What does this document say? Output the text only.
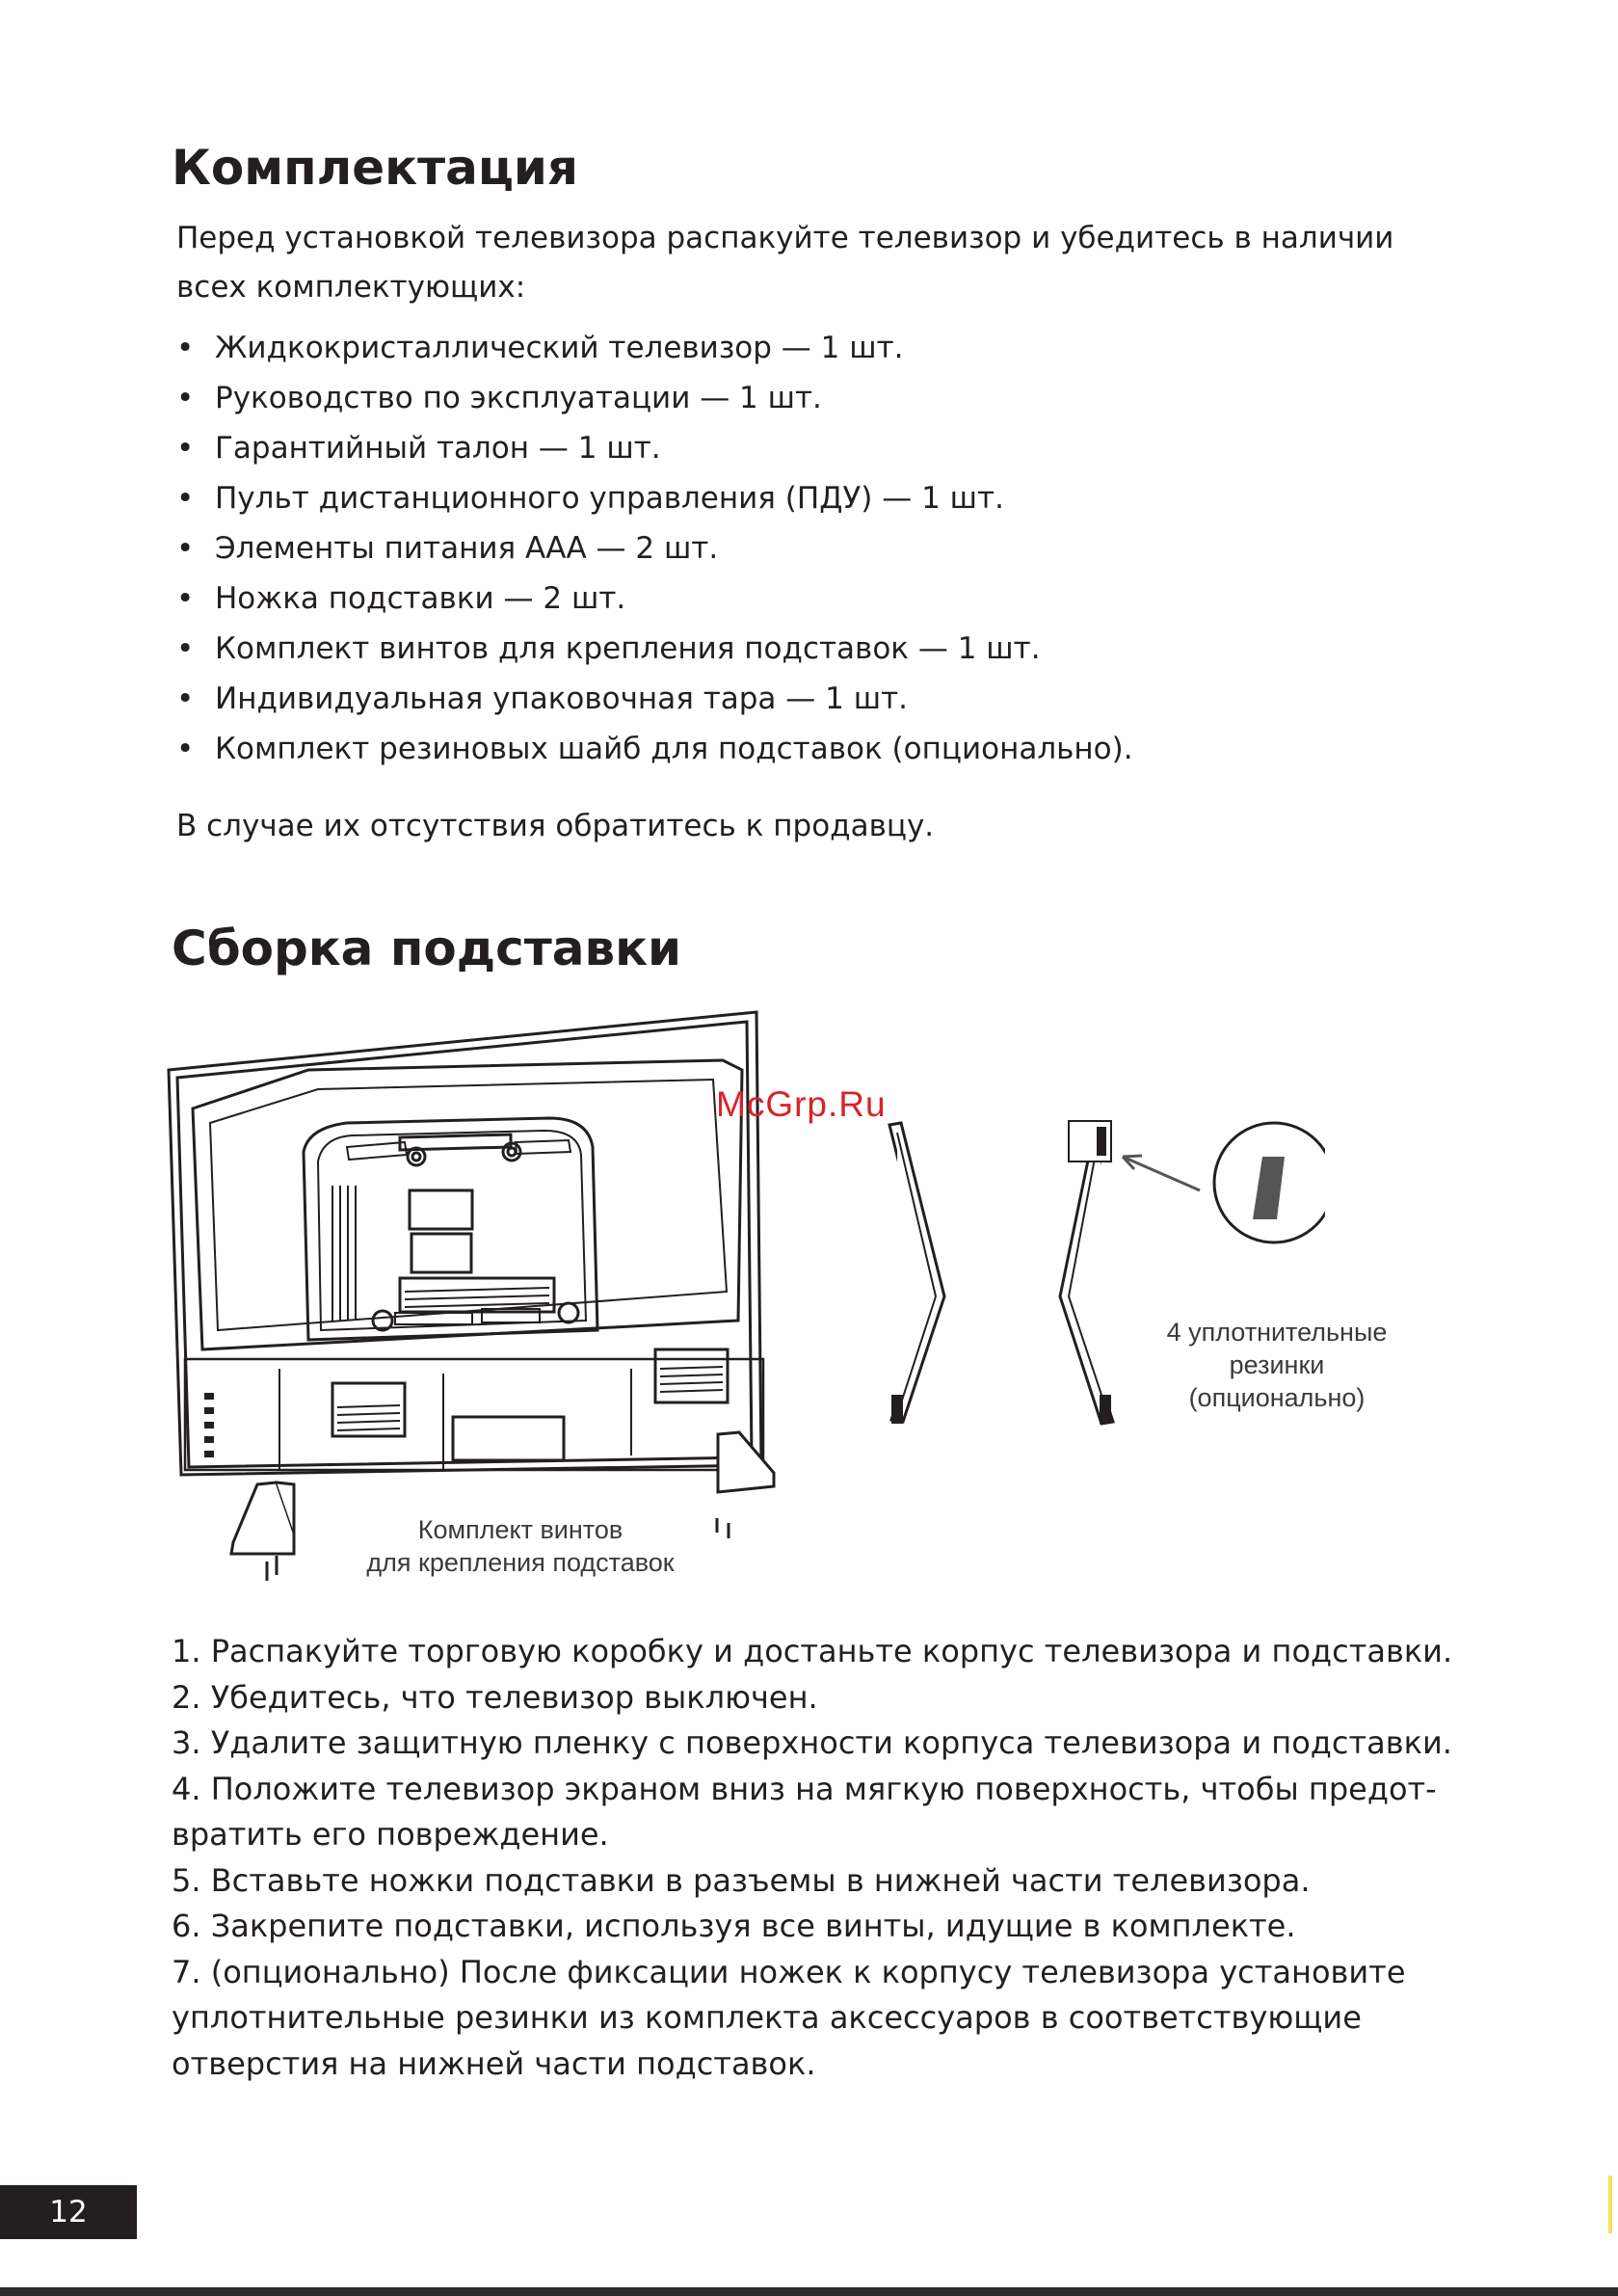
Комплектация

Перед установкой телевизора распакуйте телевизор и убедитесь в наличии
всех комплектующих:

• Жидкокристаллический телевизор — 1 шт.
• Руководство по эксплуатации — 1 шт.
• Гарантийный талон — 1 шт.
• Пульт дистанционного управления (ПДУ) — 1 шт.
• Элементы питания ААА — 2 шт.
• Ножка подставки — 2 шт.
• Комплект винтов для крепления подставок — 1 шт.
• Индивидуальная упаковочная тара — 1 шт.
• Комплект резиновых шайб для подставок (опционально).

В случае их отсутствия обратитесь к продавцу.

Сборка подставки
McGrp.Ru
4 уплотнительные
резинки
(опционально)
Комплект винтов
для крепления подставок
1. Распакуйте торговую коробку и достаньте корпус телевизора и подставки.
2. Убедитесь, что телевизор выключен.
3. Удалите защитную пленку с поверхности корпуса телевизора и подставки.
4. Положите телевизор экраном вниз на мягкую поверхность, чтобы предот-
вратить его повреждение.
5. Вставьте ножки подставки в разъемы в нижней части телевизора.
6. Закрепите подставки, используя все винты, идущие в комплекте.
7. (опционально) После фиксации ножек к корпусу телевизора установите
уплотнительные резинки из комплекта аксессуаров в соответствующие
отверстия на нижней части подставок.
12
